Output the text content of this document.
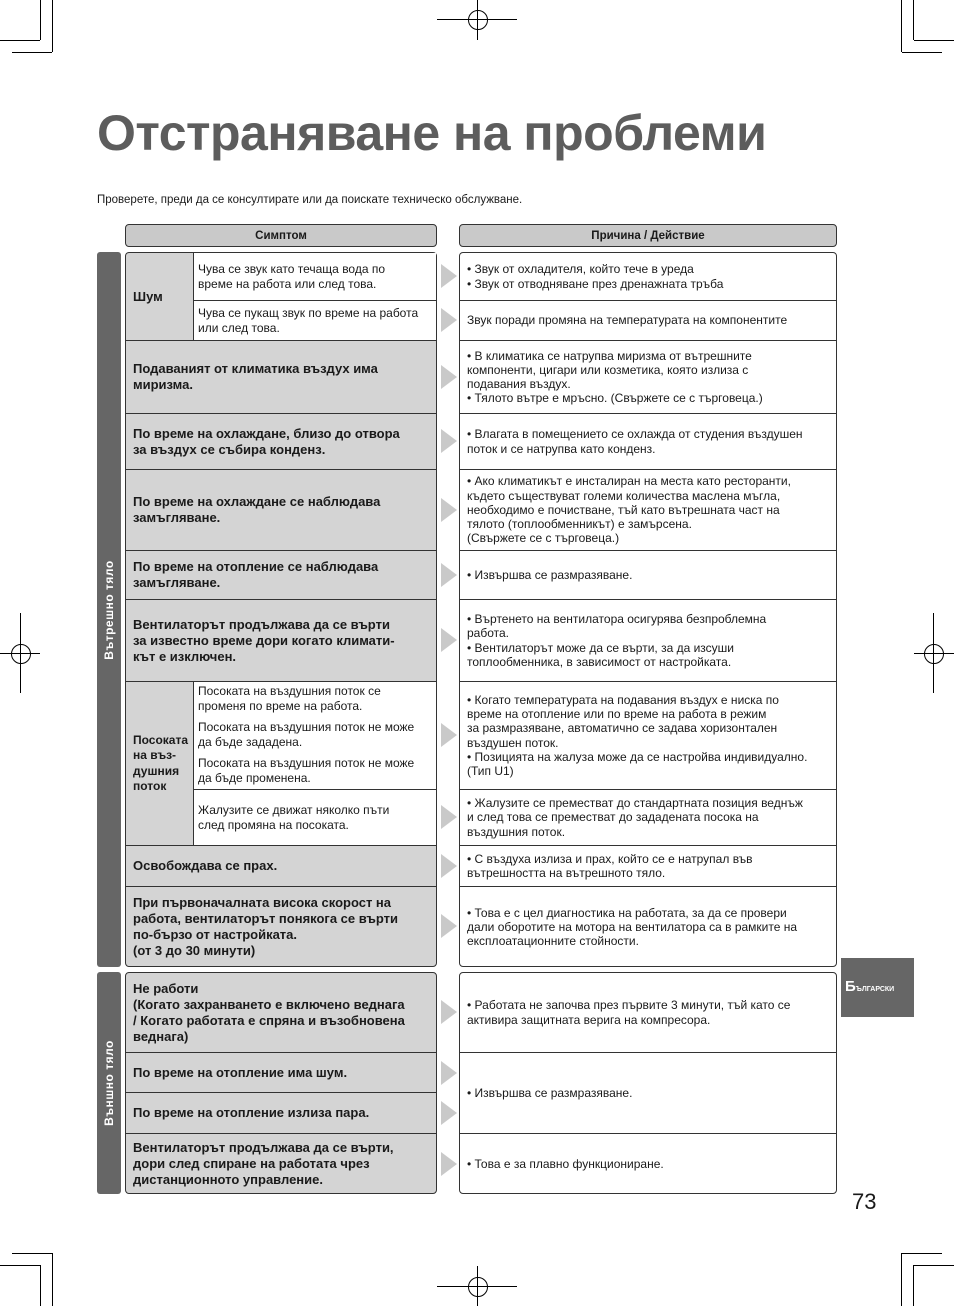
Отстраняване на проблеми
Проверете, преди да се консултирате или да поискате техническо обслужване.
Симптом	Причина / Действие
Вътрешно тяло
Външно тяло
Чува се звук като течаща вода по
време на работа или след това.
Чува се пукащ звук по време на работа
или след това.
Посоката на въздушния поток се
променя по време на работа.
Посоката на въздушния поток не може
да бъде зададена.
Посоката на въздушния поток не може
да бъде променена.
Жалузите се движат няколко пъти
след промяна на посоката.
Шум
Подаваният от климатика въздух има
миризма.
По време на охлаждане, близо до отвора
за въздух се събира конденз.
По време на охлаждане се наблюдава
замъгляване.
По време на отопление се наблюдава
замъгляване.
Вентилаторът продължава да се върти
за известно време дори когато климати-
кът е изключен.
Посоката
на въз-
душния
поток
Освобождава се прах.
При първоначалната висока скорост на
работа, вентилаторът понякога се върти
по-бързо от настройката.
(от 3 до 30 минути)
Не работи
(Когато захранването е включено веднага
/ Когато работата е спряна и възобновена
веднага)
По време на отопление има шум.
По време на отопление излиза пара.
Вентилаторът продължава да се върти,
дори след спиране на работата чрез
дистанционното управление.
• Звук от охладителя, който тече в уреда
• Звук от отводняване през дренажната тръба
Звук поради промяна на температурата на компонентите
• В климатика се натрупва миризма от вътрешните
компоненти, цигари или козметика, която излиза с
подавания въздух.
• Тялото вътре е мръсно. (Свържете се с търговеца.)
• Влагата в помещението се охлажда от студения въздушен
поток и се натрупва като конденз.
• Ако климатикът е инсталиран на места като ресторанти,
където съществуват големи количества маслена мъгла,
необходимо е почистване, тъй като вътрешната част на
тялото (топлообменникът) е замърсена.
(Свържете се с търговеца.)
• Извършва се размразяване.
• Въртенето на вентилатора осигурява безпроблемна
работа.
• Вентилаторът може да се върти, за да изсуши
топлообменника, в зависимост от настройката.
• Когато температурата на подавания въздух е ниска по
време на отопление или по време на работа в режим
за размразяване, автоматично се задава хоризонтален
въздушен поток.
• Позицията на жалуза може да се настройва индивидуално.
(Тип U1)
• Жалузите се преместват до стандартната позиция веднъж
и след това се преместват до зададената посока на
въздушния поток.
• С въздуха излиза и прах, който се е натрупал във
вътрешността на вътрешното тяло.
• Това е с цел диагностика на работата, за да се провери
дали оборотите на мотора на вентилатора са в рамките на
експлоатационните стойности.
• Работата не започва през първите 3 минути, тъй като се
активира защитната верига на компресора.
• Извършва се размразяване.
• Това е за плавно функциониране.
БЪЛГАРСКИ
73
